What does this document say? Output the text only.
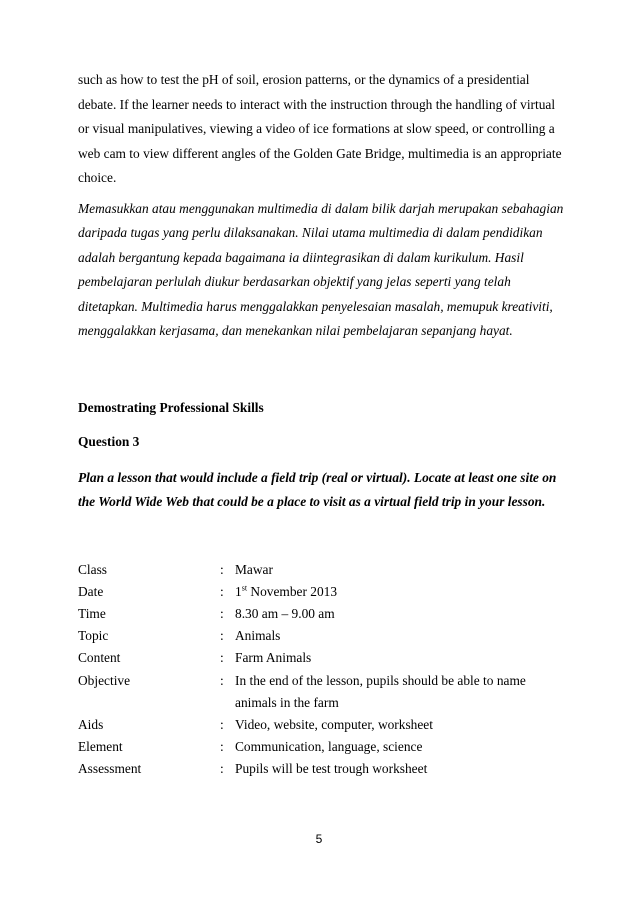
such as how to test the pH of soil, erosion patterns, or the dynamics of a presidential debate. If the learner needs to interact with the instruction through the handling of virtual or visual manipulatives, viewing a video of ice formations at slow speed, or controlling a web cam to view different angles of the Golden Gate Bridge, multimedia is an appropriate choice.

Memasukkan atau menggunakan multimedia di dalam bilik darjah merupakan sebahagian daripada tugas yang perlu dilaksanakan. Nilai utama multimedia di dalam pendidikan adalah bergantung kepada bagaimana ia diintegrasikan di dalam kurikulum. Hasil pembelajaran perlulah diukur berdasarkan objektif yang jelas seperti yang telah ditetapkan. Multimedia harus menggalakkan penyelesaian masalah, memupuk kreativiti, menggalakkan kerjasama, dan menekankan nilai pembelajaran sepanjang hayat.

Demostrating Professional Skills

Question 3

Plan a lesson that would include a field trip (real or virtual). Locate at least one site on the World Wide Web that could be a place to visit as a virtual field trip in your lesson.

Class	: Mawar
Date	: 1st November 2013
Time	: 8.30 am – 9.00 am
Topic	: Animals
Content	: Farm Animals
Objective	: In the end of the lesson, pupils should be able to name animals in the farm
Aids	: Video, website, computer, worksheet
Element	: Communication, language, science
Assessment	: Pupils will be test trough worksheet
5
